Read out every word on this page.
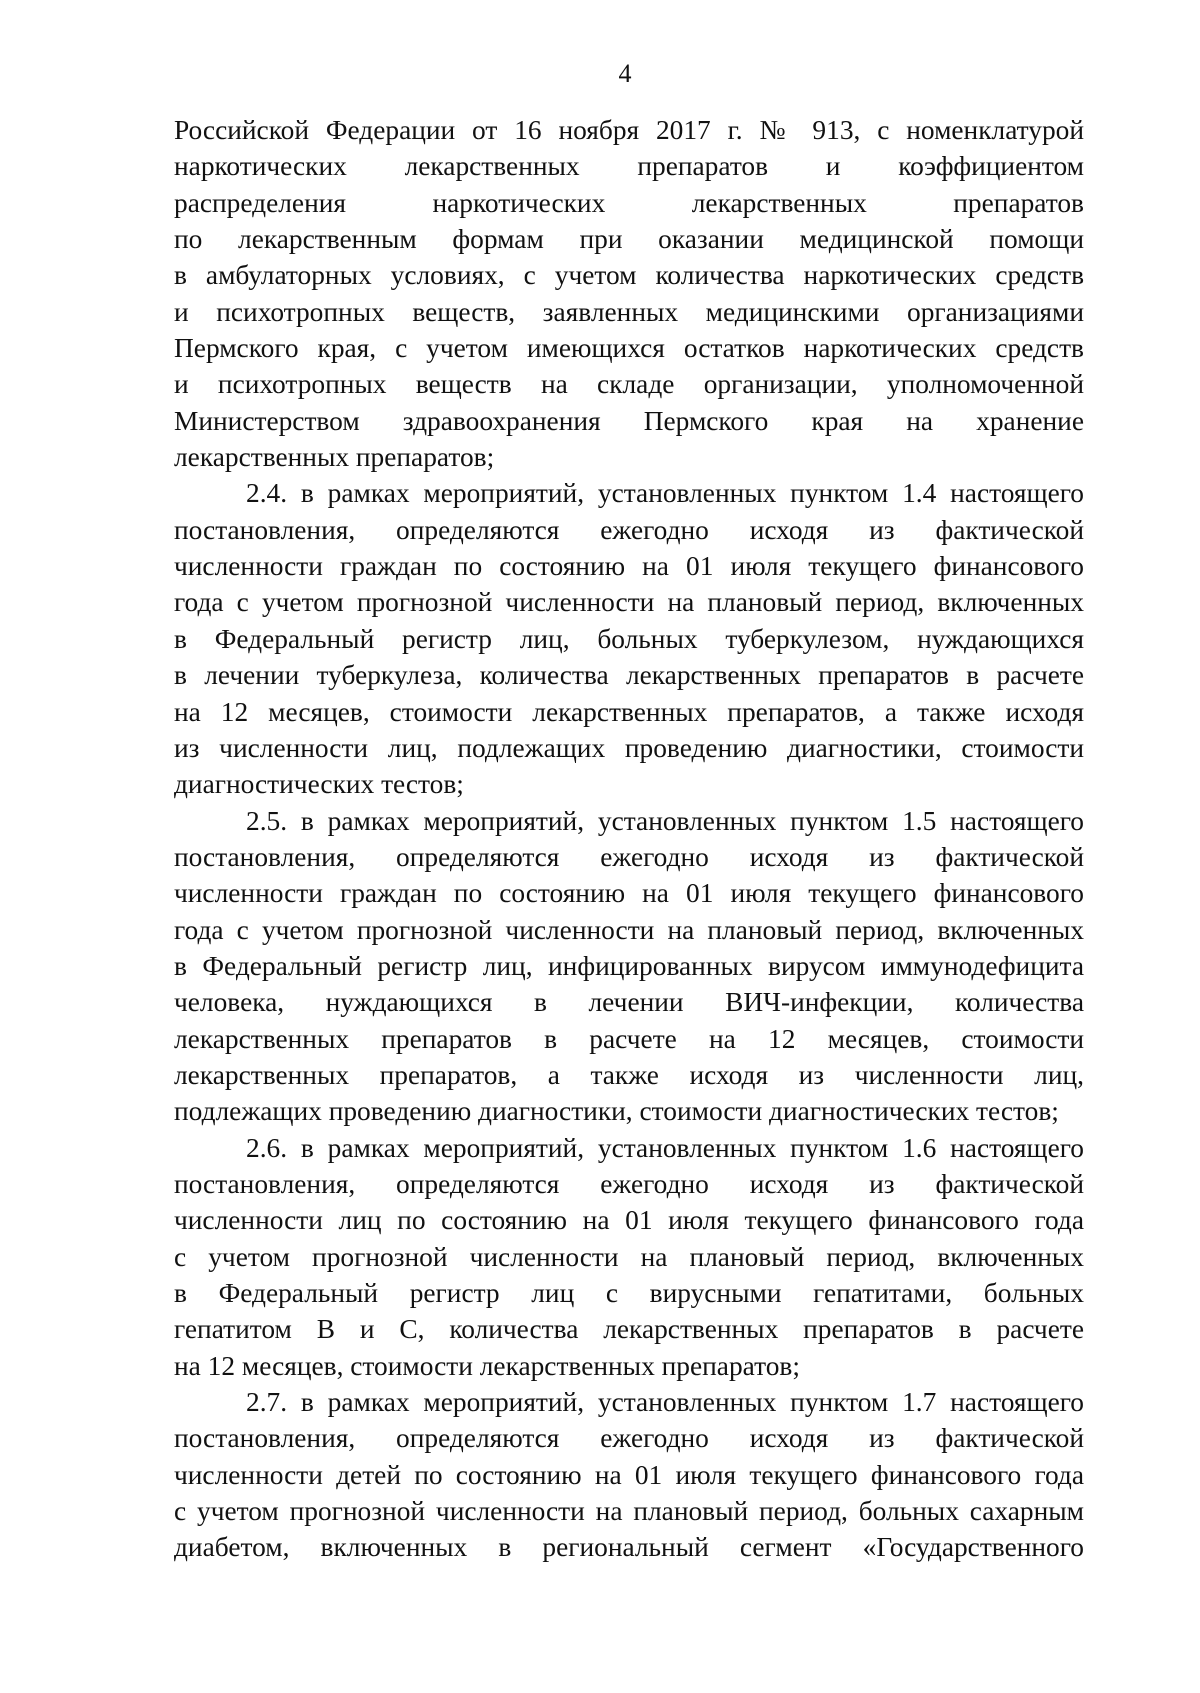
4

Российской Федерации от 16 ноября 2017 г. № 913, с номенклатурой
наркотических лекарственных препаратов и коэффициентом
распределения наркотических лекарственных препаратов
по лекарственным формам при оказании медицинской помощи
в амбулаторных условиях, с учетом количества наркотических средств
и психотропных веществ, заявленных медицинскими организациями
Пермского края, с учетом имеющихся остатков наркотических средств
и психотропных веществ на складе организации, уполномоченной
Министерством здравоохранения Пермского края на хранение
лекарственных препаратов;

2.4. в рамках мероприятий, установленных пунктом 1.4 настоящего
постановления, определяются ежегодно исходя из фактической
численности граждан по состоянию на 01 июля текущего финансового
года с учетом прогнозной численности на плановый период, включенных
в Федеральный регистр лиц, больных туберкулезом, нуждающихся
в лечении туберкулеза, количества лекарственных препаратов в расчете
на 12 месяцев, стоимости лекарственных препаратов, а также исходя
из численности лиц, подлежащих проведению диагностики, стоимости
диагностических тестов;

2.5. в рамках мероприятий, установленных пунктом 1.5 настоящего
постановления, определяются ежегодно исходя из фактической
численности граждан по состоянию на 01 июля текущего финансового
года с учетом прогнозной численности на плановый период, включенных
в Федеральный регистр лиц, инфицированных вирусом иммунодефицита
человека, нуждающихся в лечении ВИЧ-инфекции, количества
лекарственных препаратов в расчете на 12 месяцев, стоимости
лекарственных препаратов, а также исходя из численности лиц,
подлежащих проведению диагностики, стоимости диагностических тестов;

2.6. в рамках мероприятий, установленных пунктом 1.6 настоящего
постановления, определяются ежегодно исходя из фактической
численности лиц по состоянию на 01 июля текущего финансового года
с учетом прогнозной численности на плановый период, включенных
в Федеральный регистр лиц с вирусными гепатитами, больных
гепатитом В и С, количества лекарственных препаратов в расчете
на 12 месяцев, стоимости лекарственных препаратов;

2.7. в рамках мероприятий, установленных пунктом 1.7 настоящего
постановления, определяются ежегодно исходя из фактической
численности детей по состоянию на 01 июля текущего финансового года
с учетом прогнозной численности на плановый период, больных сахарным
диабетом, включенных в региональный сегмент «Государственного
